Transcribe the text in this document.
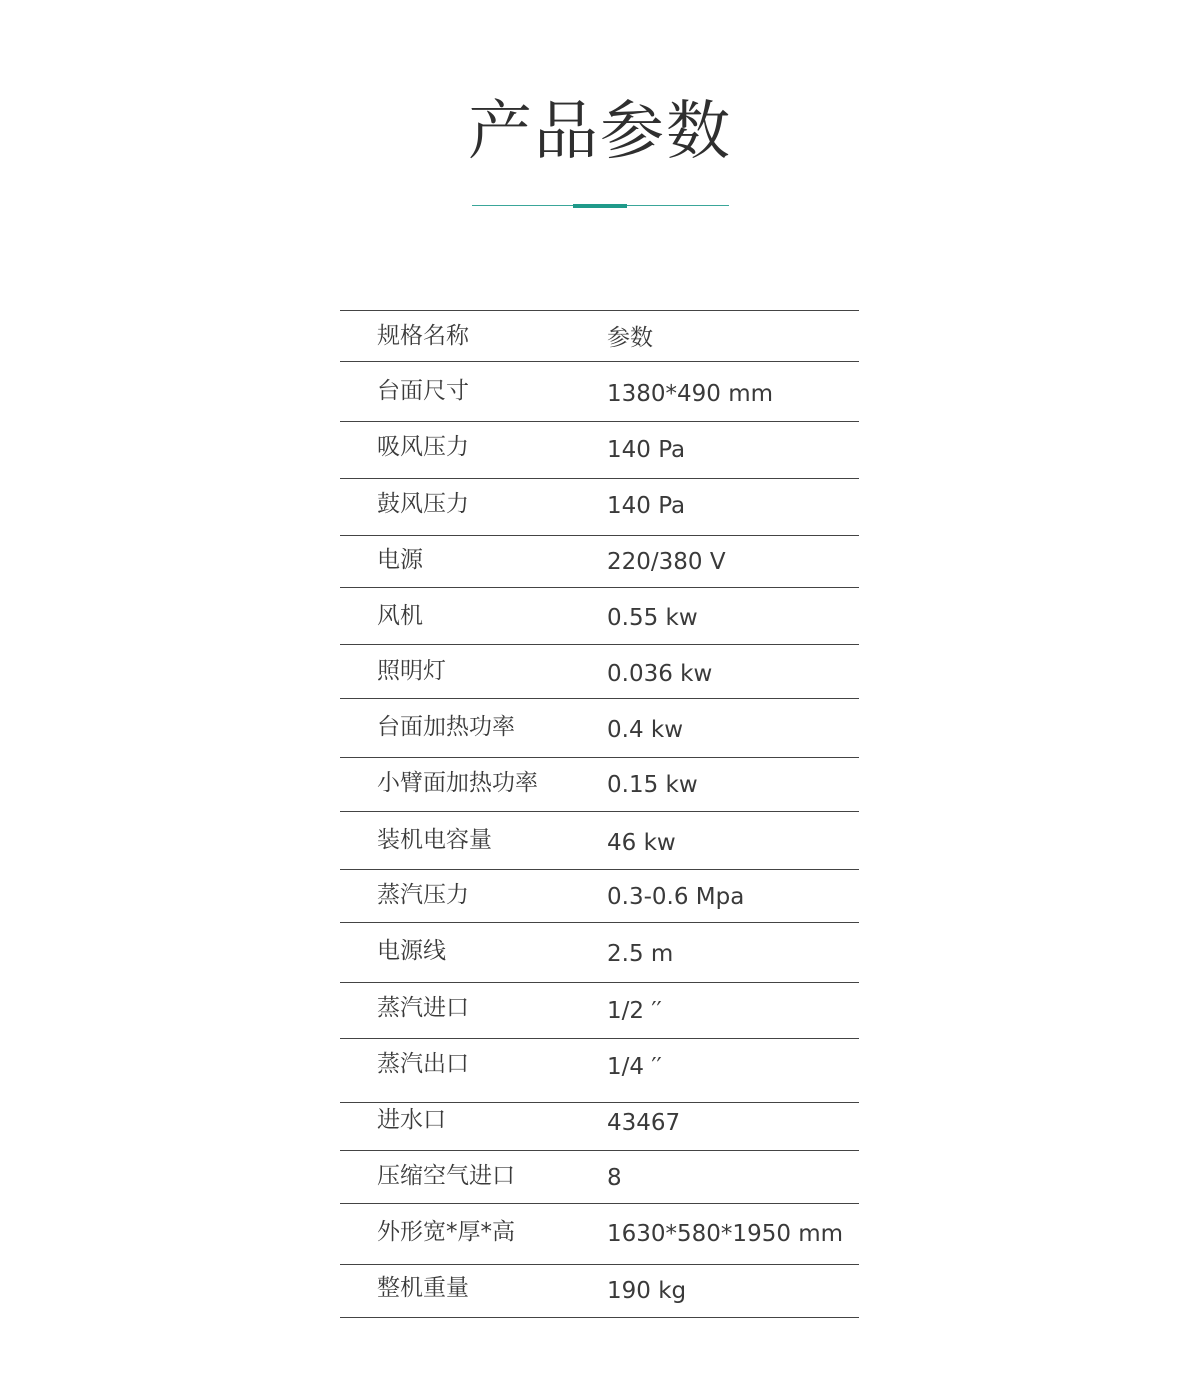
产品参数
规格名称	参数
台面尺寸	1380*490 mm
吸风压力	140 Pa
鼓风压力	140 Pa
电源	220/380 V
风机	0.55 kw
照明灯	0.036 kw
台面加热功率	0.4 kw
小臂面加热功率	0.15 kw
装机电容量	46 kw
蒸汽压力	0.3-0.6 Mpa
电源线	2.5 m
蒸汽进口	1/2 ′′
蒸汽出口	1/4 ′′
进水口	43467
压缩空气进口	8
外形宽*厚*高	1630*580*1950 mm
整机重量	190 kg
